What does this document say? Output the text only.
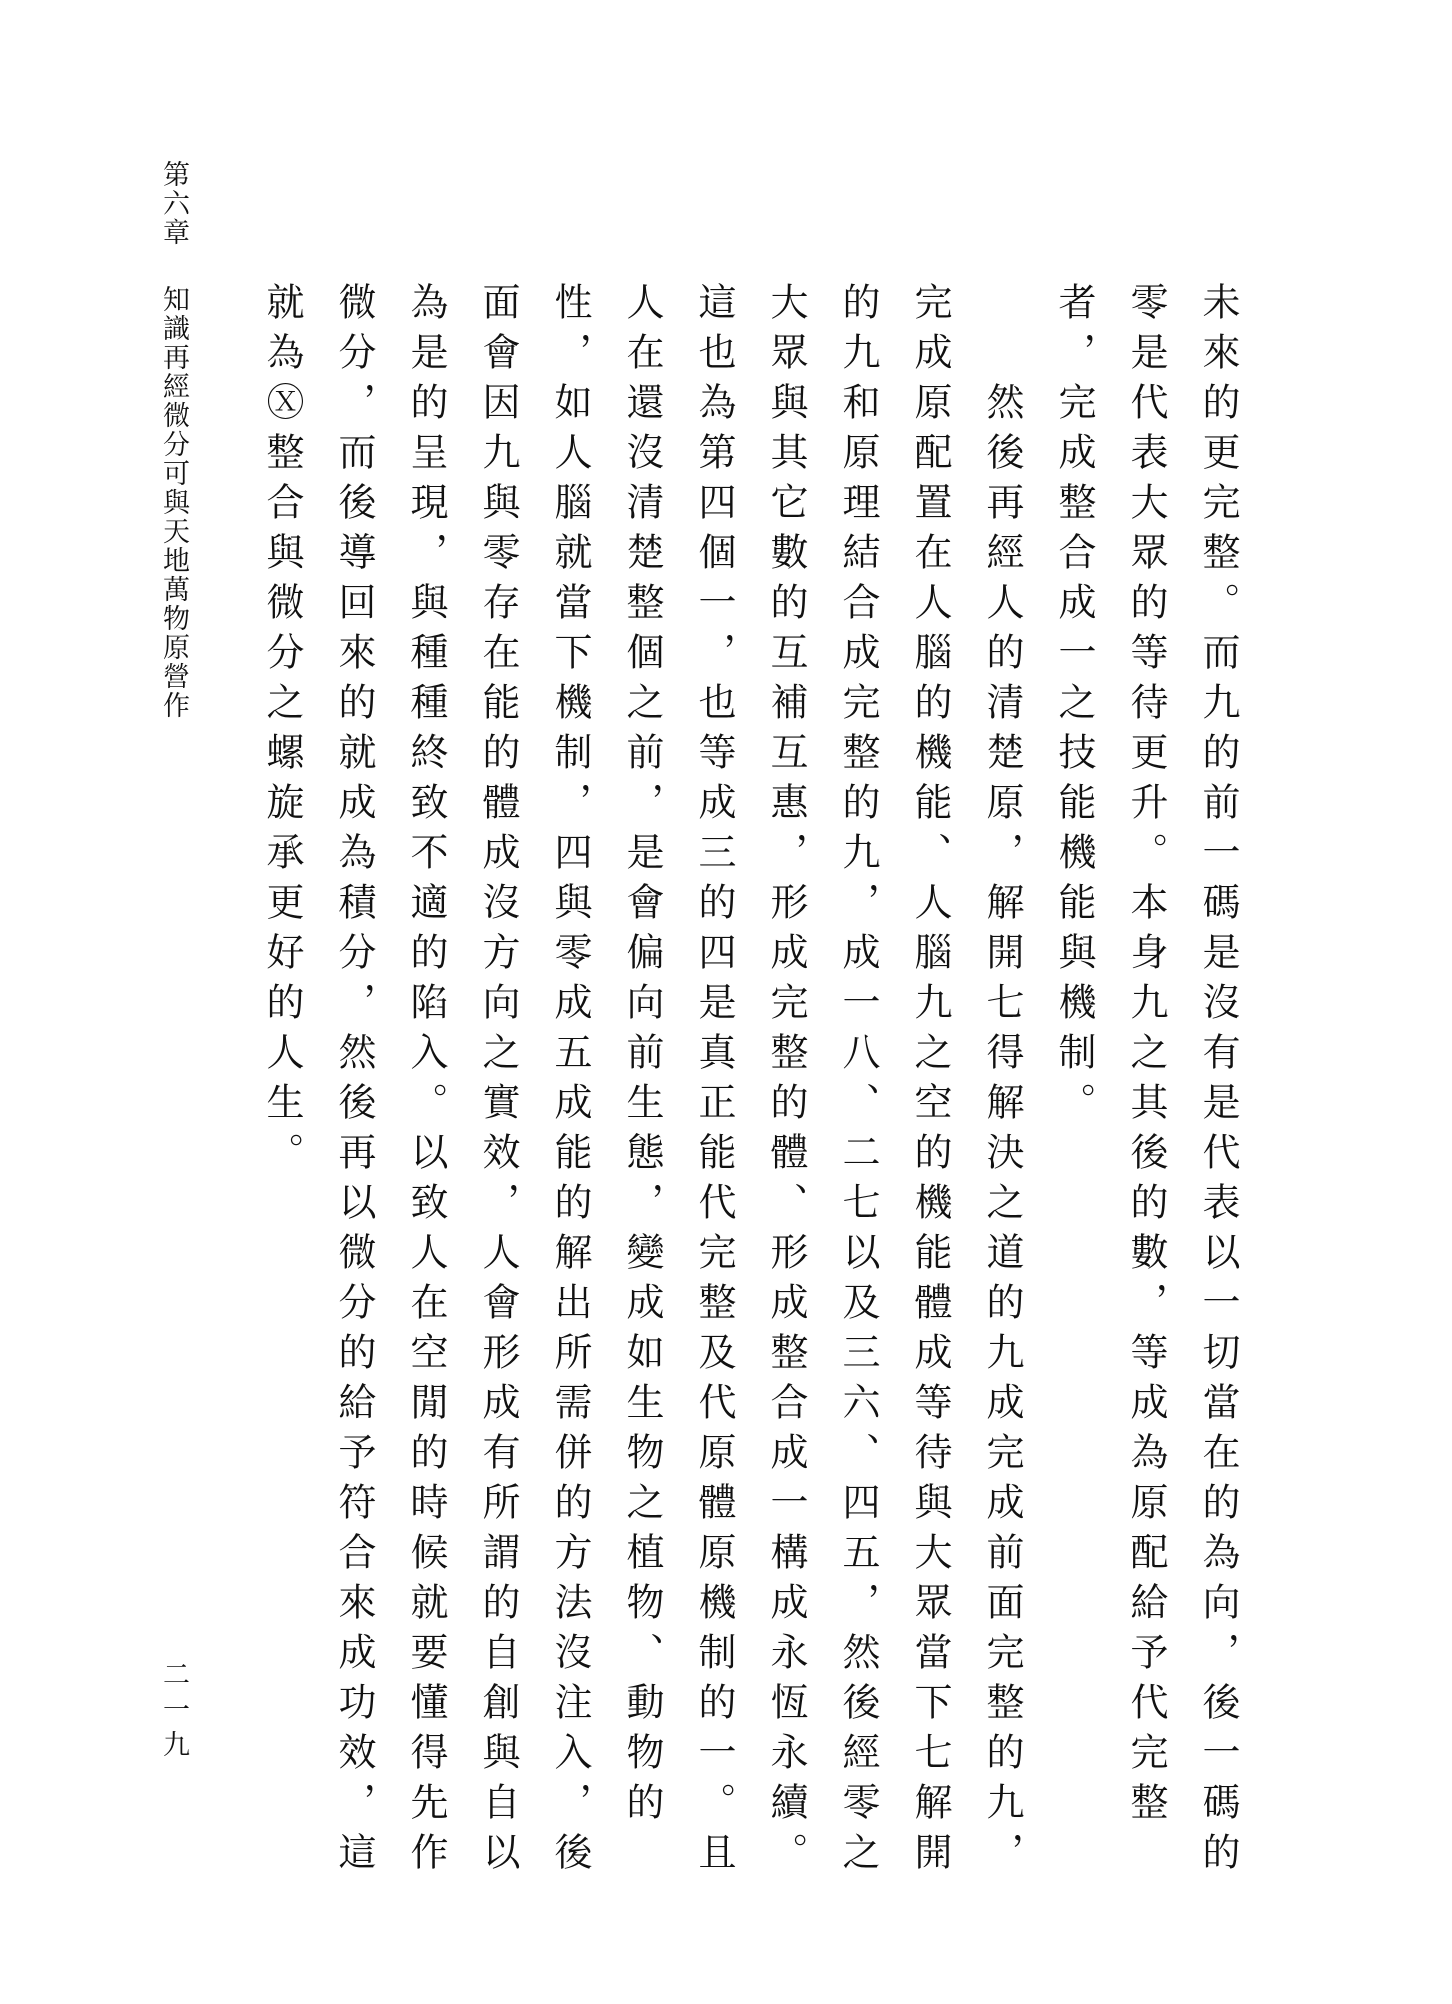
第六章知識再經微分可與天地萬物原營作
二一九	未來的更完整。而九的前一碼是沒有是代表以一切當在的為向，後一碼的零是代表大眾的等待更升。本身九之其後的數，等成為原配給予代完整者，完成整合成一之技能機能與機制。

然後再經人的清楚原，解開七得解決之道的九成完成前面完整的九，完成原配置在人腦的機能、人腦九之空的機能體成等待與大眾當下七解開的九和原理結合成完整的九，成一八、二七以及三六、四五，然後經零之大眾與其它數的互補互惠，形成完整的體、形成整合成一構成永恆永續。這也為第四個一，也等成三的四是真正能代完整及代原體原機制的一。且人在還沒清楚整個之前，是會偏向前生態，變成如生物之植物、動物的性，如人腦就當下機制，四與零成五成能的解出所需併的方法沒注入，後面會因九與零存在能的體成沒方向之實效，人會形成有所謂的自創與自以為是的呈現，與種種終致不適的陷入。以致人在空閒的時候就要懂得先作微分，而後導回來的就成為積分，然後再以微分的給予符合來成功效，這就為Ⓧ整合與微分之螺旋承更好的人生。
